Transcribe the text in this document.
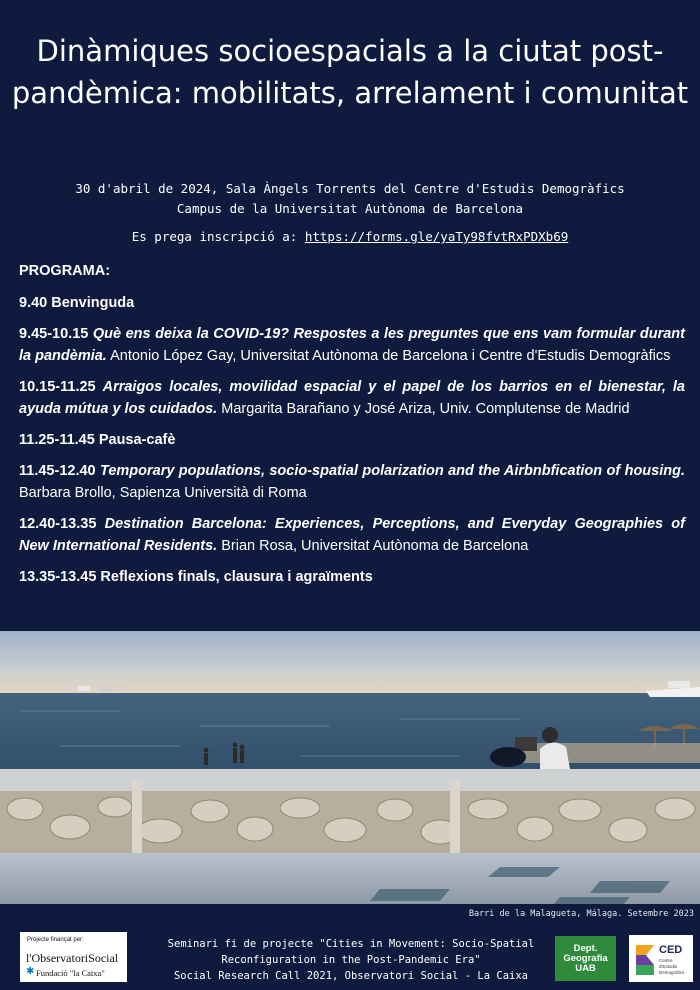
Dinàmiques socioespacials a la ciutat post-pandèmica: mobilitats, arrelament i comunitat
30 d'abril de 2024, Sala Àngels Torrents del Centre d'Estudis Demogràfics
Campus de la Universitat Autònoma de Barcelona
Es prega inscripció a: https://forms.gle/yaTy98fvtRxPDXb69

PROGRAMA:

9.40 Benvinguda

9.45-10.15 Què ens deixa la COVID-19? Respostes a les preguntes que ens vam formular durant la pandèmia. Antonio López Gay, Universitat Autònoma de Barcelona i Centre d'Estudis Demogràfics

10.15-11.25 Arraigos locales, movilidad espacial y el papel de los barrios en el bienestar, la ayuda mútua y los cuidados. Margarita Barañano y José Ariza, Univ. Complutense de Madrid

11.25-11.45 Pausa-cafè

11.45-12.40 Temporary populations, socio-spatial polarization and the Airbnbfication of housing. Barbara Brollo, Sapienza Università di Roma

12.40-13.35 Destination Barcelona: Experiences, Perceptions, and Everyday Geographies of New International Residents. Brian Rosa, Universitat Autònoma de Barcelona

13.35-13.45 Reflexions finals, clausura i agraïments

Barri de la Malagueta, Málaga. Setembre 2023
Projecte finançat per:
l'ObservatoriSocial
✱ Fundació "la Caixa"
Seminari fi de projecte "Cities in Movement: Socio-Spatial
Reconfiguration in the Post-Pandemic Era"
Social Research Call 2021, Observatori Social - La Caixa
Dept.
Geografia
UAB
CED
Centre d'Estudis Demogràfics
